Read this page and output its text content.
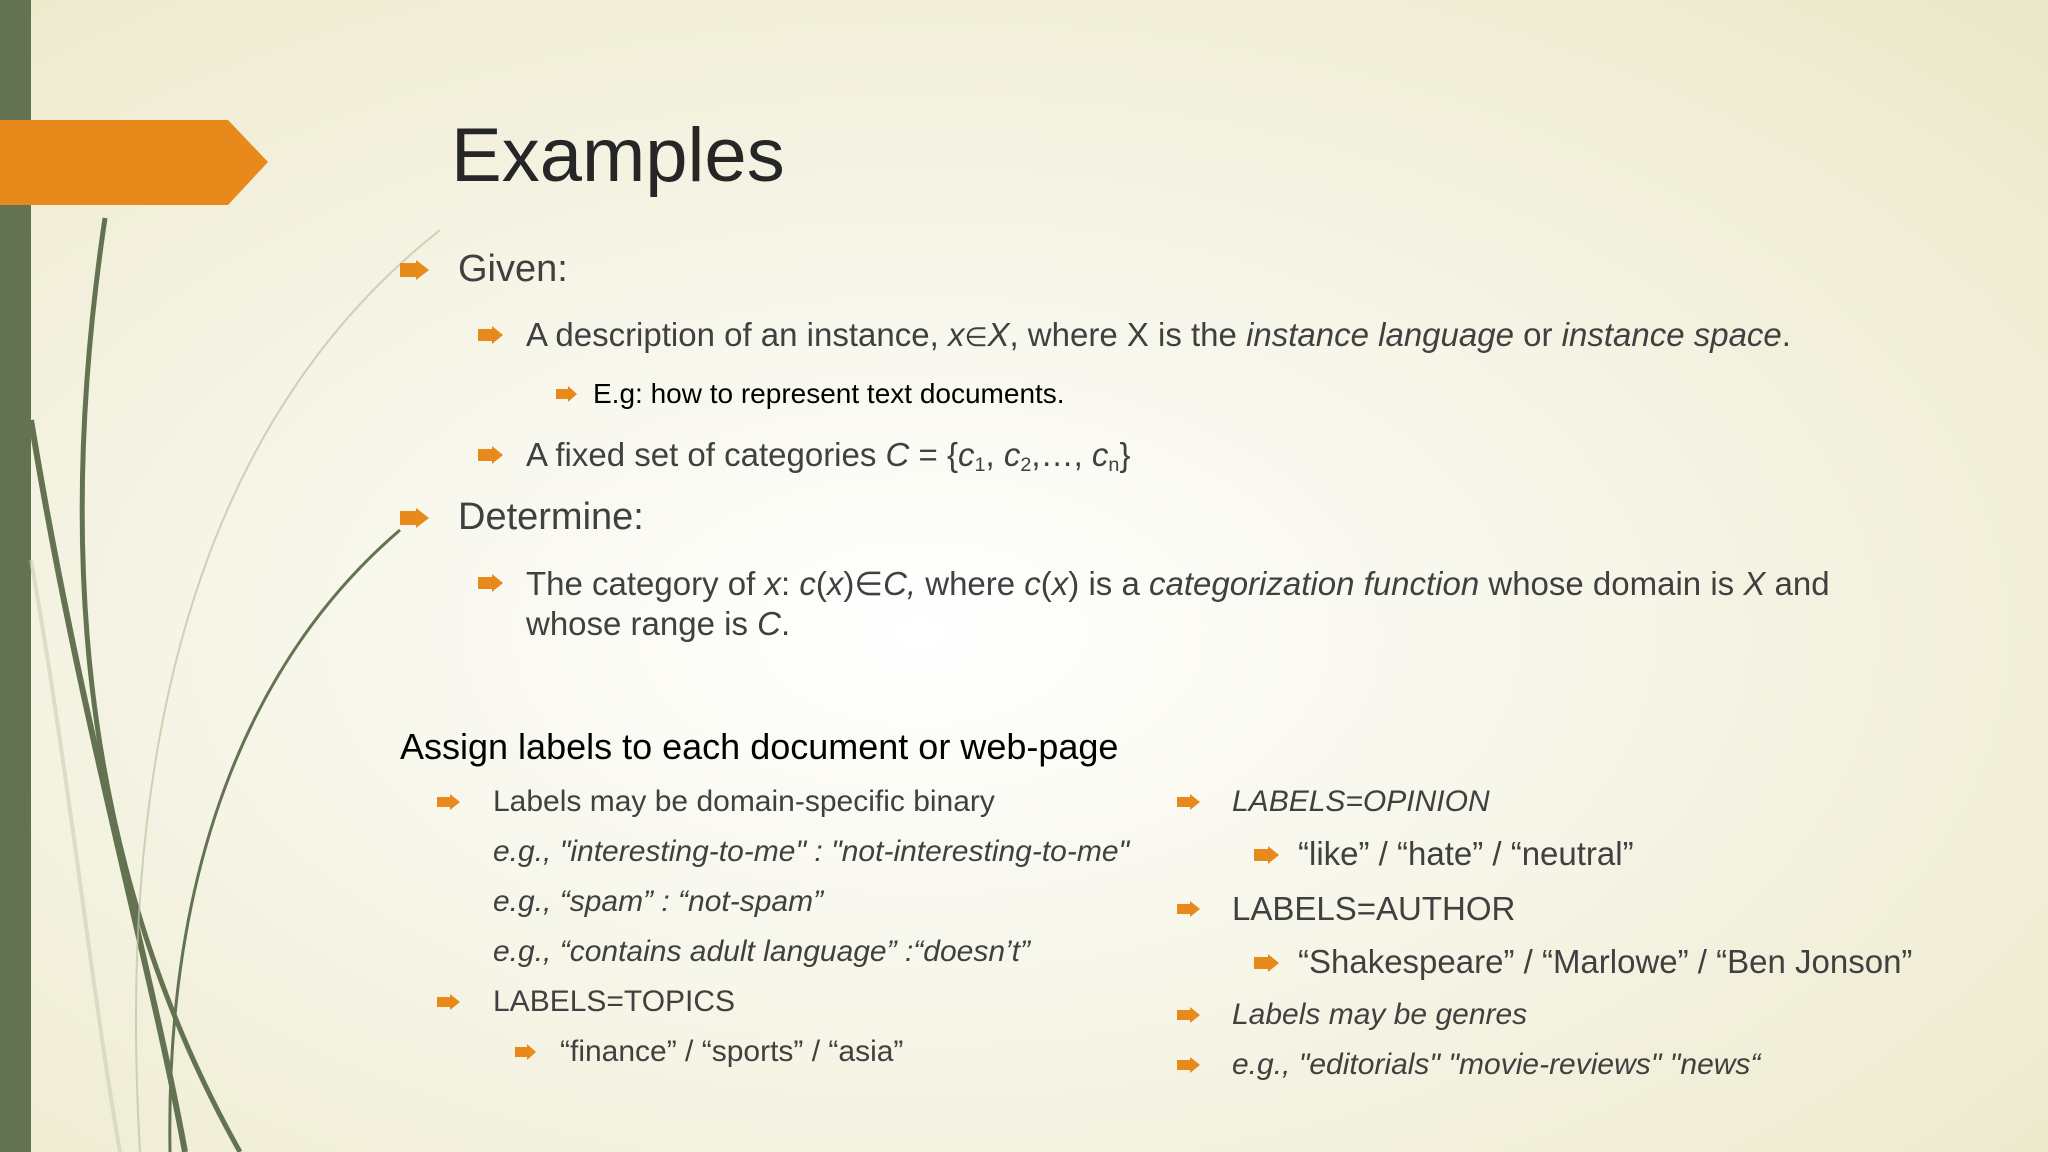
Examples
Given:
A description of an instance, x∈X, where X is the instance language or instance space.
E.g: how to represent text documents.
A fixed set of categories $C = \{c_1$, $c_2,\dots$, $c_n$}
Determine:
The category of x: c(x)∈C, where c(x) is a categorization function whose domain is X and
whose range is C.
Assign labels to each document or web-page
Labels may be domain-specific binary
e.g., "interesting-to-me" : "not-interesting-to-me"
e.g., “spam” : “not-spam”
e.g., “contains adult language” :“doesn’t”
LABELS=TOPICS
“finance” / “sports” / “asia”
LABELS=OPINION
“like” / “hate” / “neutral”
LABELS=AUTHOR
“Shakespeare” / “Marlowe” / “Ben Jonson”
Labels may be genres
e.g., "editorials" "movie-reviews" "news“
